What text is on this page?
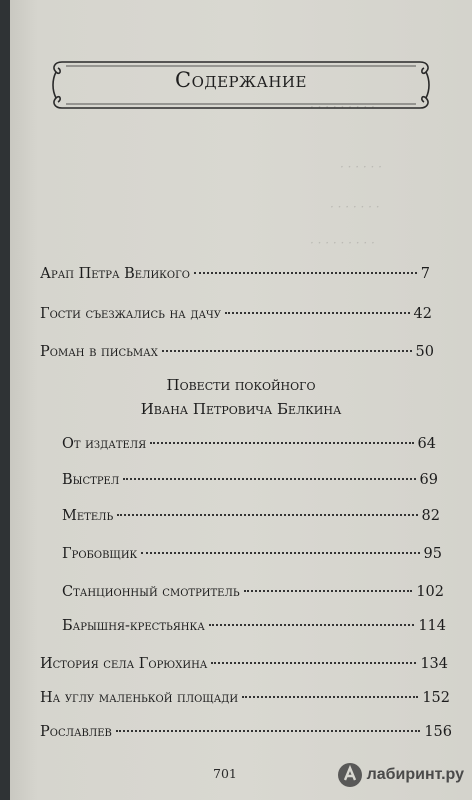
· · · · · · · · ·
· · · · · ·
· · · · · · ·
· · · · · · · · ·
Содержание
Арап Петра Великого	7
Гости съезжались на дачу	42
Роман в письмах	50
Повести покойного
Ивана Петровича Белкина
От издателя	64
Выстрел	69
Метель	82
Гробовщик	95
Станционный смотритель	102
Барышня-крестьянка	114
История села Горюхина	134
На углу маленькой площади	152
Рославлев	156
701	лабиринт.ру
